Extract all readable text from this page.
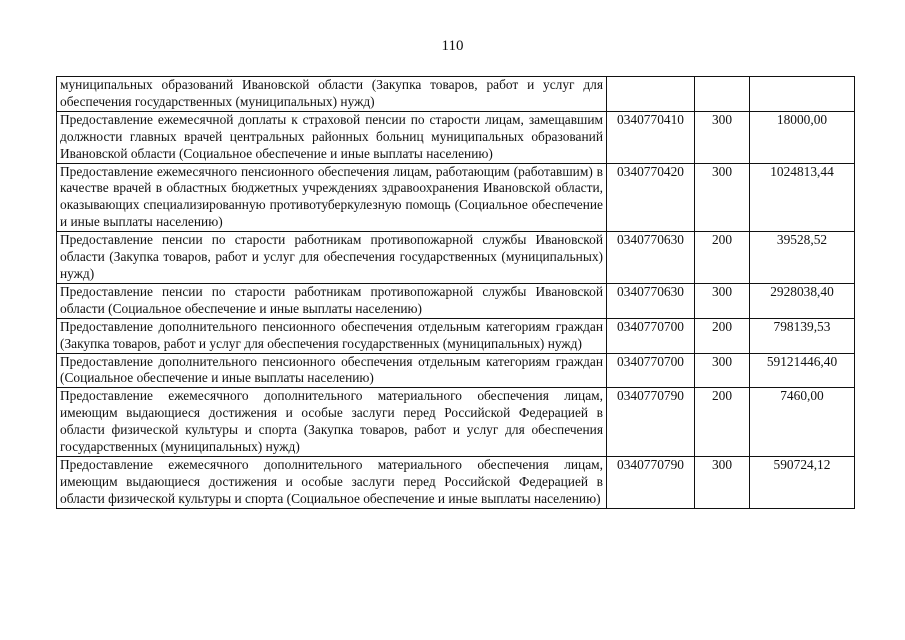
110
муниципальных образований Ивановской области (Закупка товаров, работ и услуг для обеспечения государственных (муниципальных) нужд)			
Предоставление ежемесячной доплаты к страховой пенсии по старости лицам, замещавшим должности главных врачей центральных районных больниц муниципальных образований Ивановской области (Социальное обеспечение и иные выплаты населению)	0340770410	300	18000,00
Предоставление ежемесячного пенсионного обеспечения лицам, работающим (работавшим) в качестве врачей в областных бюджетных учреждениях здравоохранения Ивановской области, оказывающих специализированную противотуберкулезную помощь (Социальное обеспечение и иные выплаты населению)	0340770420	300	1024813,44
Предоставление пенсии по старости работникам противопожарной службы Ивановской области (Закупка товаров, работ и услуг для обеспечения государственных (муниципальных) нужд)	0340770630	200	39528,52
Предоставление пенсии по старости работникам противопожарной службы Ивановской области (Социальное обеспечение и иные выплаты населению)	0340770630	300	2928038,40
Предоставление дополнительного пенсионного обеспечения отдельным категориям граждан (Закупка товаров, работ и услуг для обеспечения государственных (муниципальных) нужд)	0340770700	200	798139,53
Предоставление дополнительного пенсионного обеспечения отдельным категориям граждан (Социальное обеспечение и иные выплаты населению)	0340770700	300	59121446,40
Предоставление ежемесячного дополнительного материального обеспечения лицам, имеющим выдающиеся достижения и особые заслуги перед Российской Федерацией в области физической культуры и спорта (Закупка товаров, работ и услуг для обеспечения государственных (муниципальных) нужд)	0340770790	200	7460,00
Предоставление ежемесячного дополнительного материального обеспечения лицам, имеющим выдающиеся достижения и особые заслуги перед Российской Федерацией в области физической культуры и спорта (Социальное обеспечение и иные выплаты населению)	0340770790	300	590724,12
